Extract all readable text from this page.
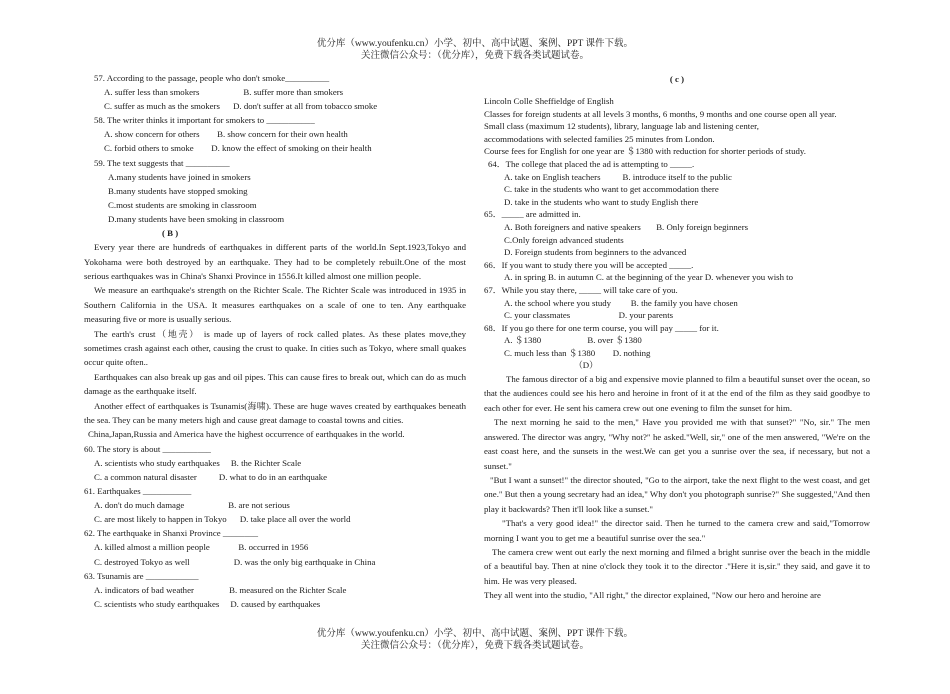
优分库（www.youfenku.cn）小学、初中、高中试题、案例、PPT 课件下载。
关注微信公众号：（优分库），免费下载各类试题试卷。

57. According to the passage, people who don't smoke__________

A. suffer less than smokers                    B. suffer more than smokers

C. suffer as much as the smokers      D. don't suffer at all from tobacco smoke

58. The writer thinks it important for smokers to ___________

A. show concern for others        B. show concern for their own health

C. forbid others to smoke        D. know the effect of smoking on their health

59. The text suggests that __________

A.many students have joined in smokers

B.many students have stopped smoking

C.most students are smoking in classroom

D.many students have been smoking in classroom

( B )

Every year there are hundreds of earthquakes in different parts of the world.In Sept.1923,Tokyo and Yokohama were both destroyed by an earthquake. They had to be completely rebuilt.One of the most serious earthquakes was in China's Shanxi Province in 1556.It killed almost one million people.

We measure an earthquake's strength on the Richter Scale. The Richter Scale was introduced in 1935 in Southern California in the USA. It measures earthquakes on a scale of one to ten. Any earthquake measuring five or more is usually serious.

The earth's crust（地壳） is made up of layers of rock called plates. As these plates move,they sometimes crash against each other, causing the crust to quake. In cities such as Tokyo, where small quakes occur quite often..

Earthquakes can also break up gas and oil pipes. This can cause fires to break out, which can do as much damage as the earthquake itself.

Another effect of earthquakes is Tsunamis(海啸). These are huge waves created by earthquakes beneath the sea. They can be many meters high and cause great damage to coastal towns and cities.

China,Japan,Russia and America have the highest occurrence of earthquakes in the world.

60. The story is about ___________

A. scientists who study earthquakes     B. the Richter Scale

C. a common natural disaster          D. what to do in an earthquake

61. Earthquakes ___________

A. don't do much damage                    B. are not serious

C. are most likely to happen in Tokyo      D. take place all over the world

62. The earthquake in Shanxi Province ________

A. killed almost a million people             B. occurred in 1956

C. destroyed Tokyo as well                    D. was the only big earthquake in China

63. Tsunamis are ____________

A. indicators of bad weather                B. measured on the Richter Scale

C. scientists who study earthquakes     D. caused by earthquakes

( c )

Lincoln Colle Sheffieldge of English

Classes for foreign students at all levels 3 months, 6 months, 9 months and one course open all year.

Small class (maximum 12 students), library, language lab and listening center,

accommodations with selected families 25 minutes from London.

Course fees for English for one year are ＄1380 with reduction for shorter periods of study.

64．The college that placed the ad is attempting to _____.

A. take on English teachers          B. introduce itself to the public

C. take in the students who want to get accommodation there

D. take in the students who want to study English there

65．_____ are admitted in.

A. Both foreigners and native speakers       B. Only foreign beginners

C.Only foreign advanced students

D. Foreign students from beginners to the advanced

66．If you want to study there you will be accepted _____.

A. in spring B. in autumn C. at the beginning of the year D. whenever you wish to

67．While you stay there, _____ will take care of you.

A. the school where you study         B. the family you have chosen

C. your classmates                      D. your parents

68．If you go there for one term course, you will pay _____ for it.

A. ＄1380                     B. over ＄1380

C. much less than ＄1380        D. nothing

（D）

The famous director of a big and expensive movie planned to film a beautiful sunset over the ocean, so that the audiences could see his hero and heroine in front of it at the end of the film as they said goodbye to each other for ever. He sent his camera crew out one evening to film the sunset for him.

The next morning he said to the men," Have you provided me with that sunset?" "No, sir." The men answered. The director was angry, "Why not?" he asked."Well, sir," one of the men answered, "We're on the east coast here, and the sunsets in the west.We can get you a sunrise over the sea, if necessary, but not a sunset."

"But I want a sunset!" the director shouted, "Go to the airport, take the next flight to the west coast, and get one." But then a young secretary had an idea," Why don't you photograph sunrise?" She suggested,"And then play it backwards? Then it'll look like a sunset."

"That's a very good idea!" the director said. Then he turned to the camera crew and said,"Tomorrow morning I want you to get me a beautiful sunrise over the sea."

The camera crew went out early the next morning and filmed a bright sunrise over the beach in the middle of a beautiful bay. Then at nine o'clock they took it to the director ."Here it is,sir." they said, and gave it to him. He was very pleased.

They all went into the studio, "All right," the director explained, "Now our hero and heroine are

优分库（www.youfenku.cn）小学、初中、高中试题、案例、PPT 课件下载。
关注微信公众号：（优分库），免费下载各类试题试卷。
